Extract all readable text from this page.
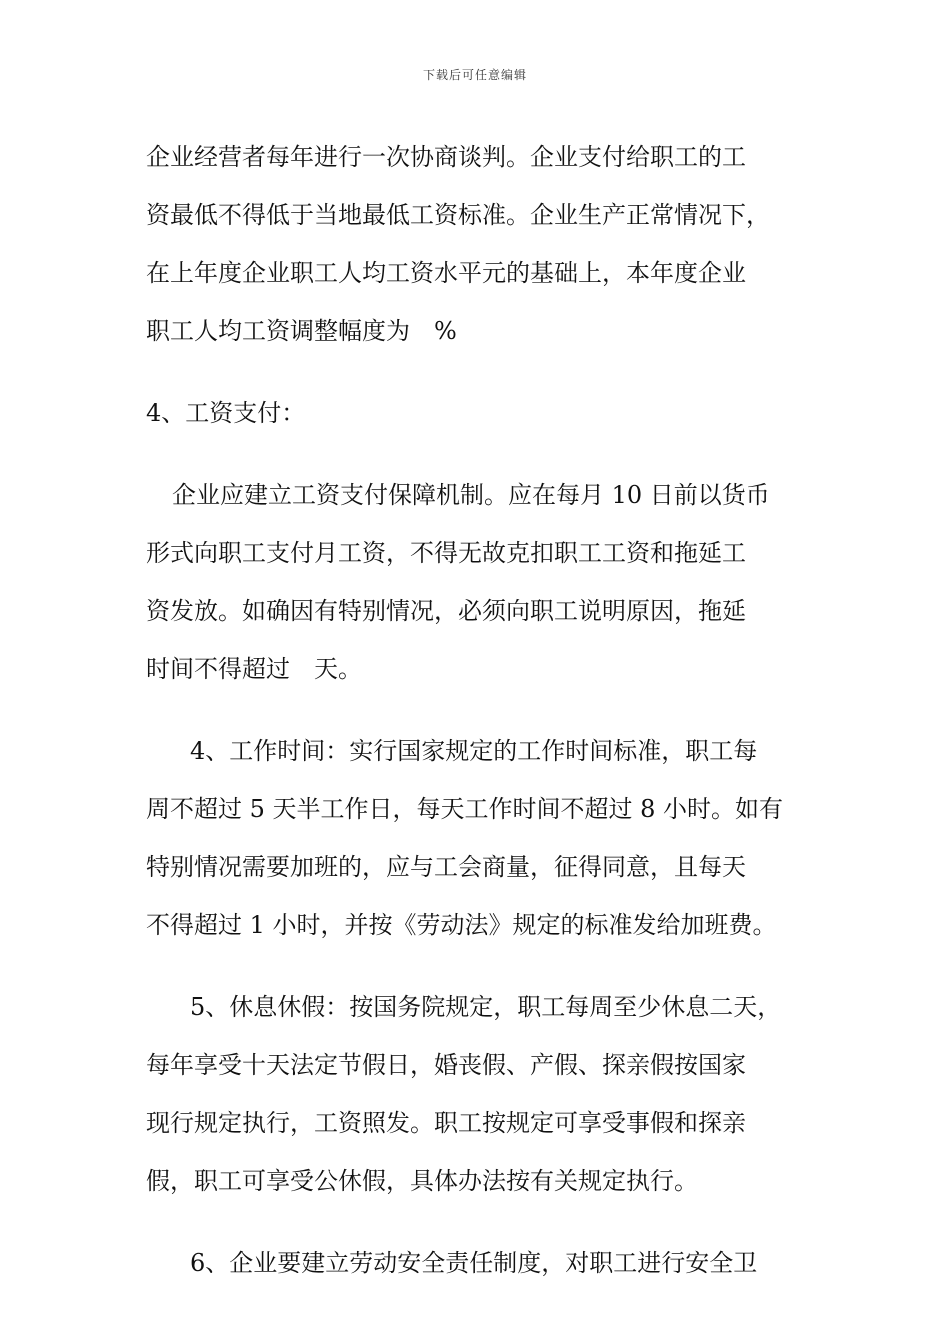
下载后可任意编辑
企业经营者每年进行一次协商谈判。企业支付给职工的工
资最低不得低于当地最低工资标准。企业生产正常情况下，
在上年度企业职工人均工资水平元的基础上，本年度企业
职工人均工资调整幅度为　%
4、工资支付：
企业应建立工资支付保障机制。应在每月 10 日前以货币
形式向职工支付月工资，不得无故克扣职工工资和拖延工
资发放。如确因有特别情况，必须向职工说明原因，拖延
时间不得超过　天。
4、工作时间：实行国家规定的工作时间标准，职工每
周不超过 5 天半工作日，每天工作时间不超过 8 小时。如有
特别情况需要加班的，应与工会商量，征得同意，且每天
不得超过 1 小时，并按《劳动法》规定的标准发给加班费。
5、休息休假：按国务院规定，职工每周至少休息二天，
每年享受十天法定节假日，婚丧假、产假、探亲假按国家
现行规定执行，工资照发。职工按规定可享受事假和探亲
假，职工可享受公休假，具体办法按有关规定执行。
6、企业要建立劳动安全责任制度，对职工进行安全卫
